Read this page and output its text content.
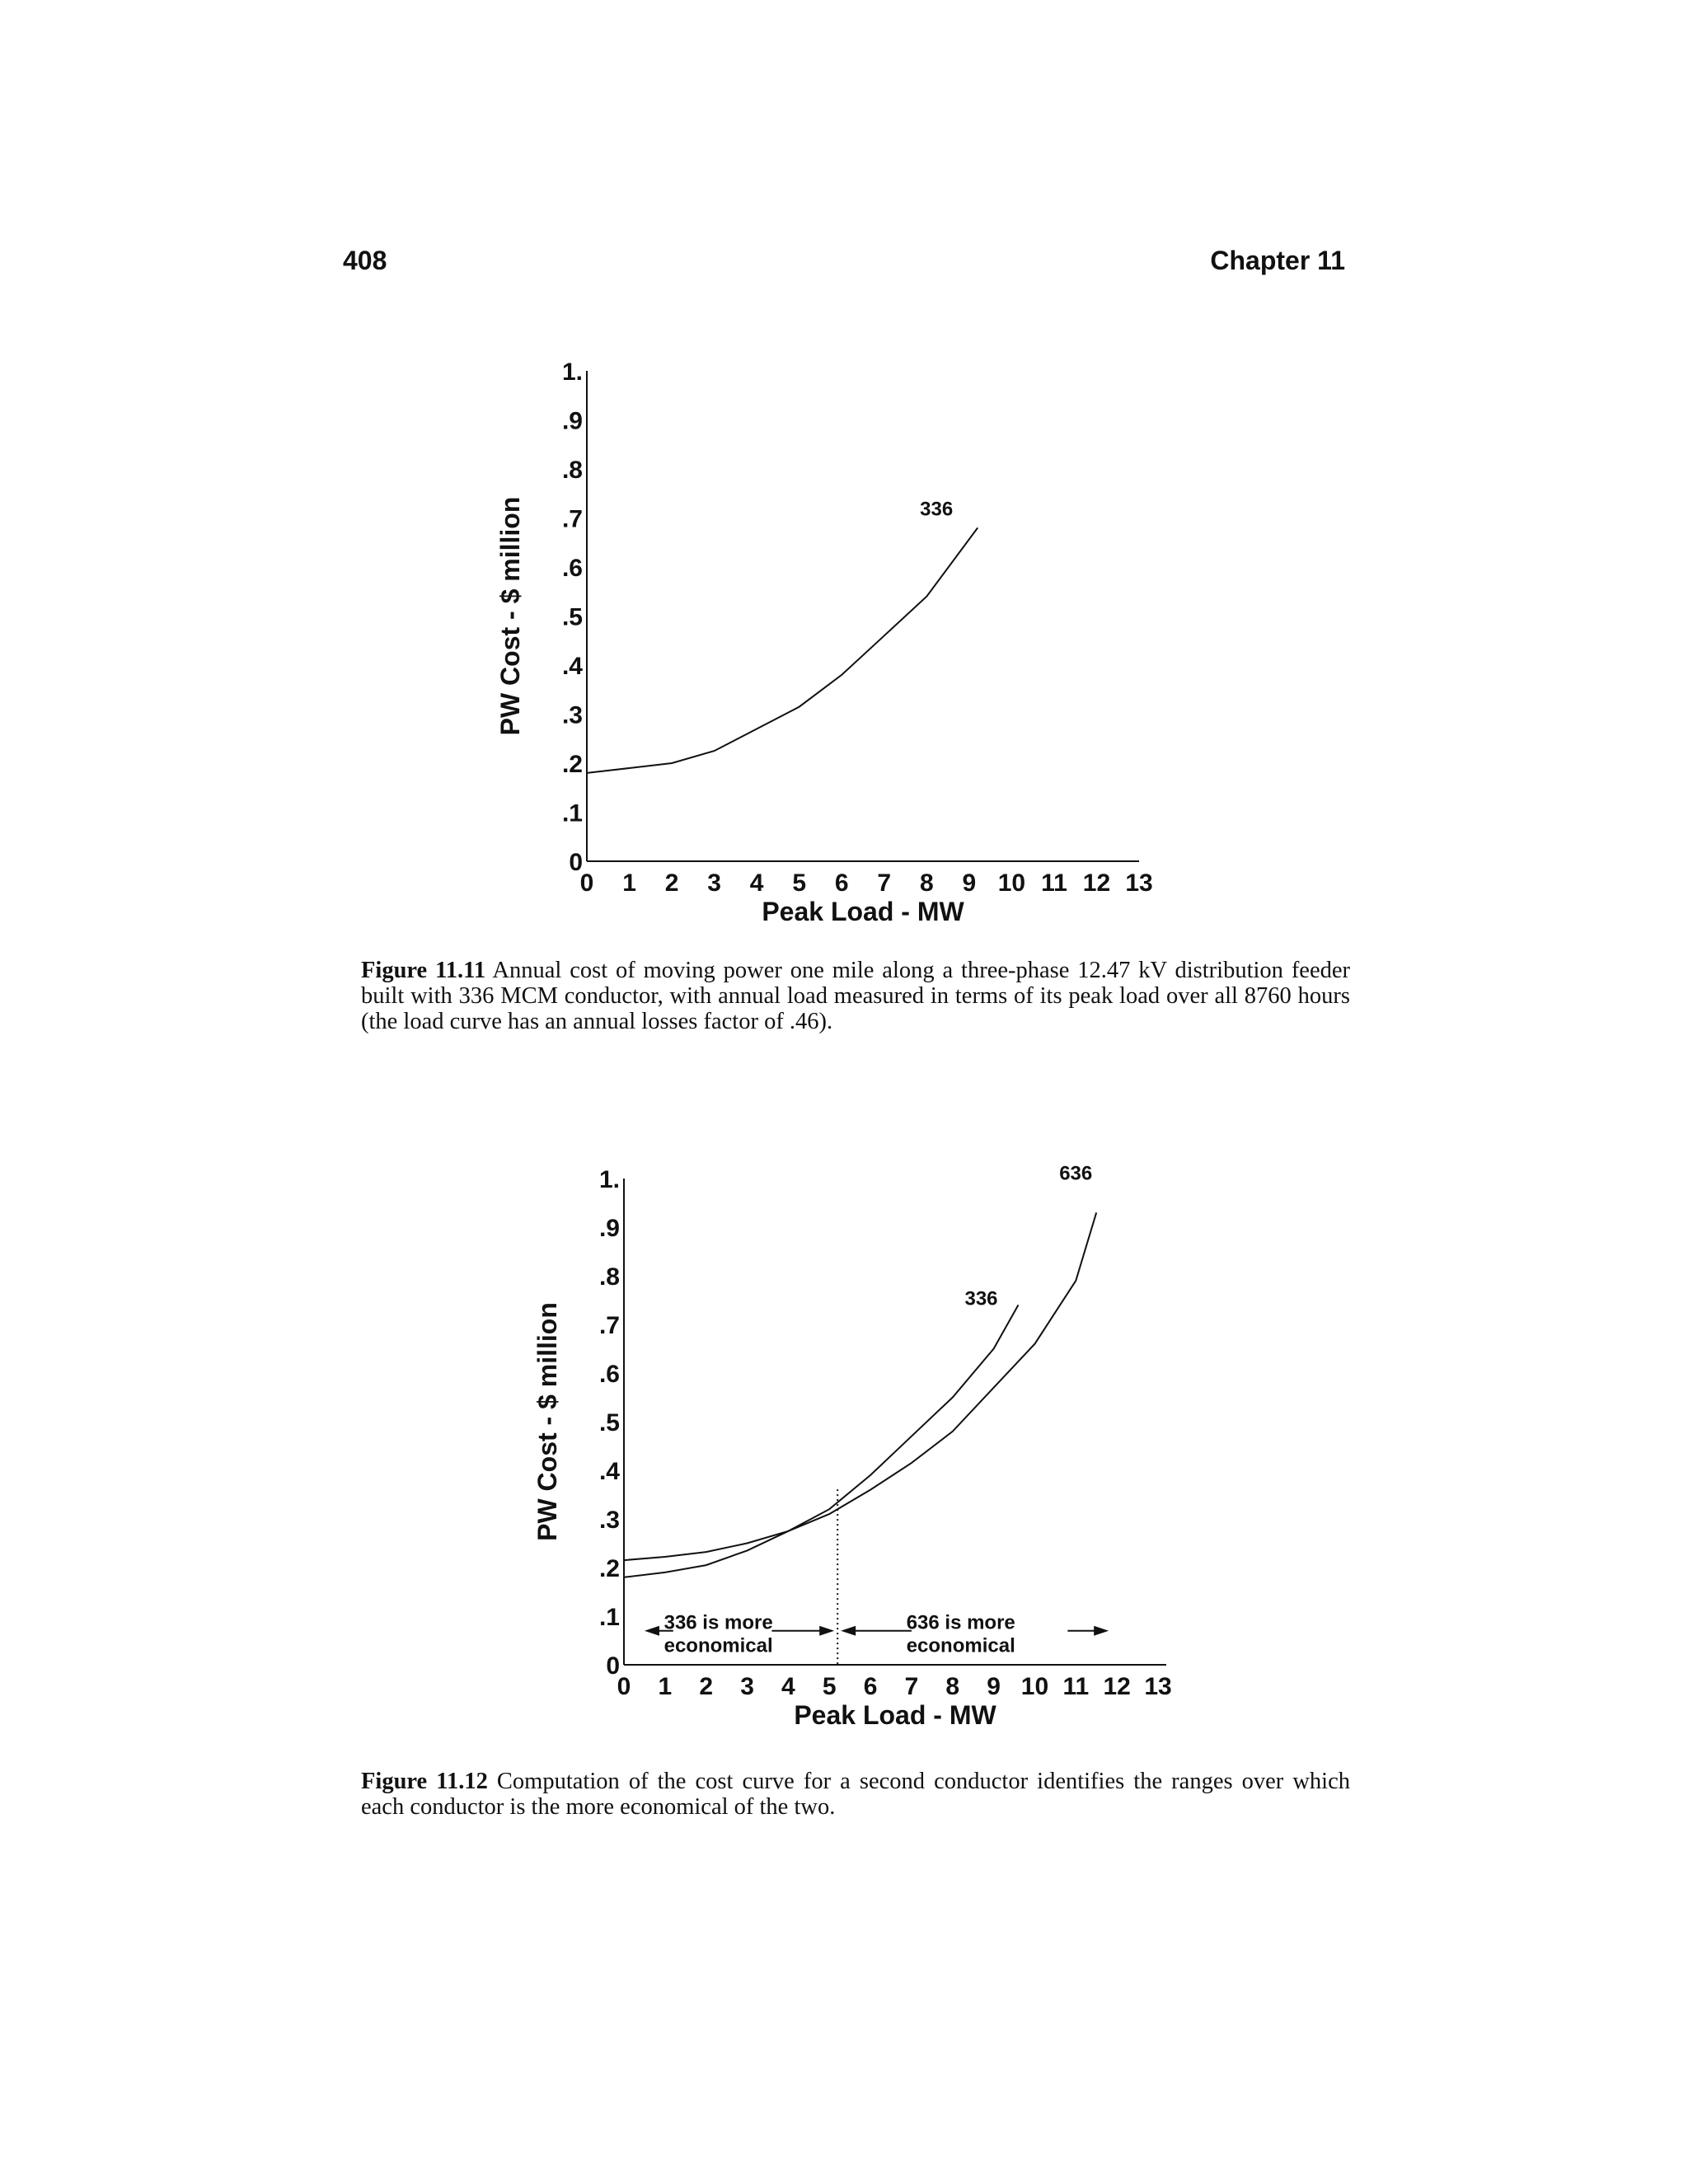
408	Chapter 11
0
.1
.2
.3
.4
.5
.6
.7
.8
.9
1.
0 1 2 3 4 5 6 7 8 9 10 11 12 13
Peak Load - MW
PW Cost - $ million	336
Figure 11.11 Annual cost of moving power one mile along a three-phase 12.47 kV distribution feeder built with 336 MCM conductor, with annual load measured in terms of its peak load over all 8760 hours (the load curve has an annual losses factor of .46).
0
.1
.2
.3
.4
.5
.6
.7
.8
.9
1.
0 1 2 3 4 5 6 7 8 9 10 11 12 13
Peak Load - MW
PW Cost - $ million
336
636
336 is more
economical
636 is more
economical
Figure 11.12 Computation of the cost curve for a second conductor identifies the ranges over which each conductor is the more economical of the two.
